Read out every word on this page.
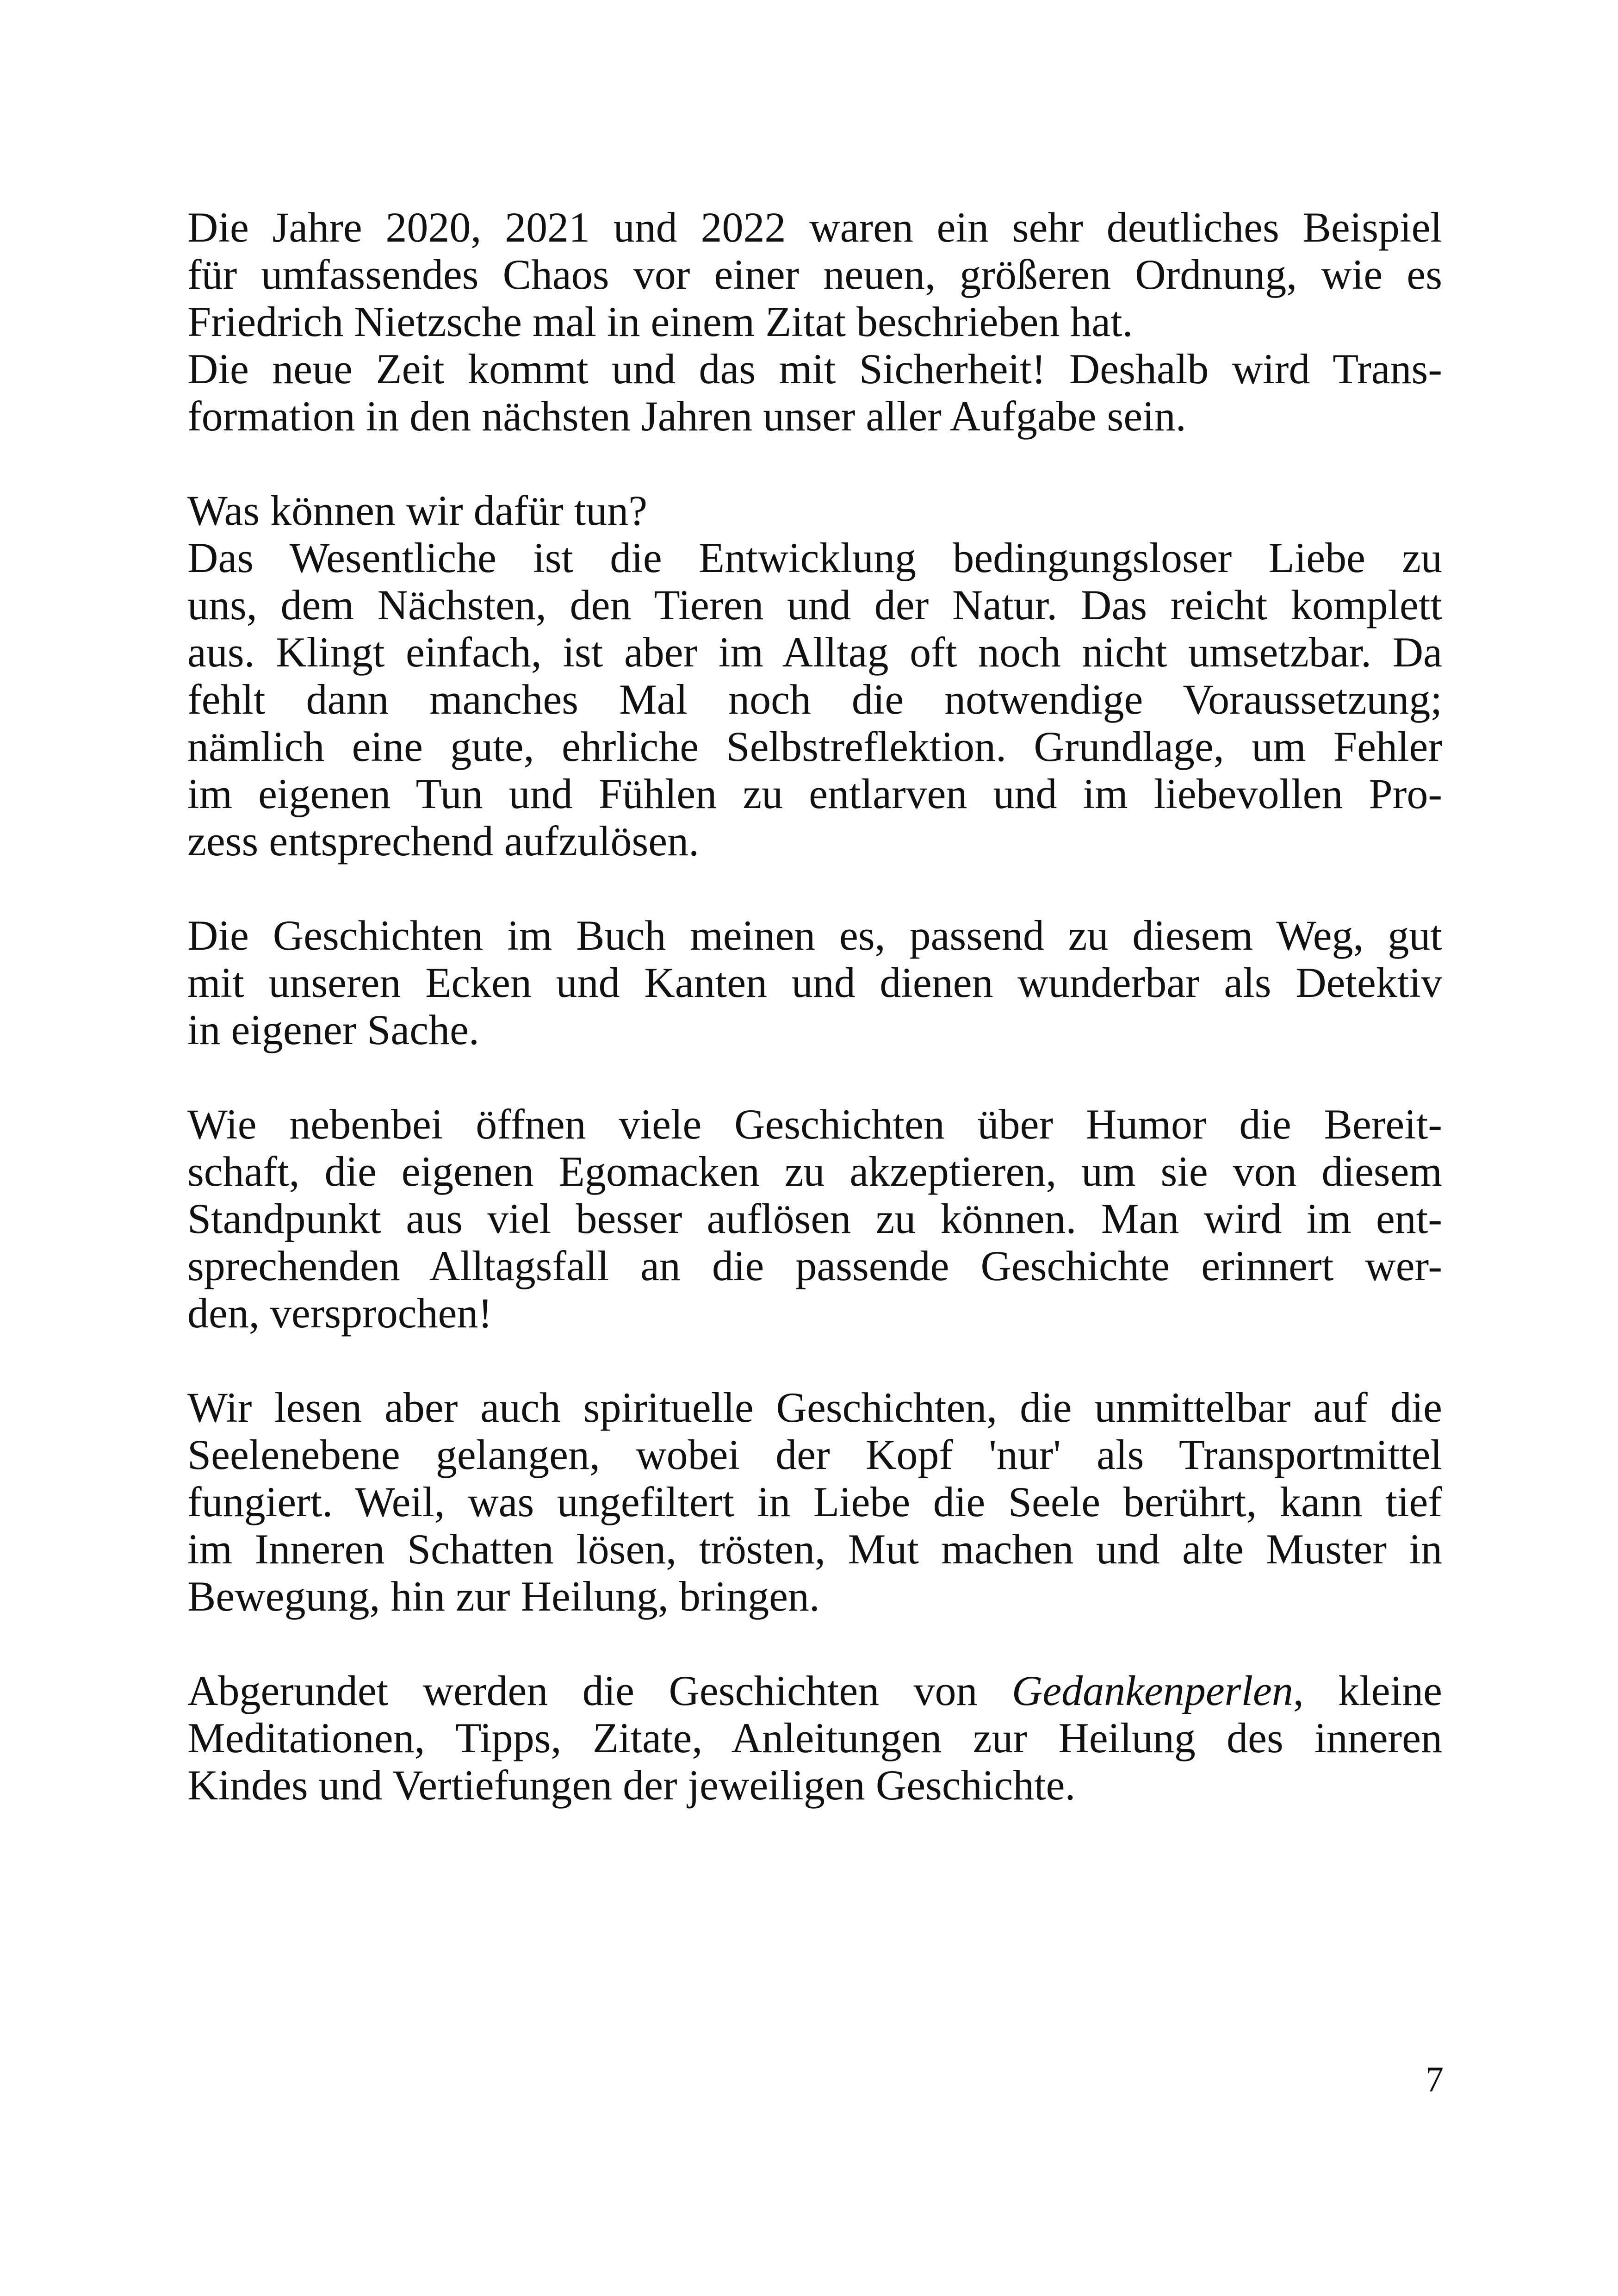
Die Jahre 2020, 2021 und 2022 waren ein sehr deutliches Beispiel
für umfassendes Chaos vor einer neuen, größeren Ordnung, wie es
Friedrich Nietzsche mal in einem Zitat beschrieben hat.
Die neue Zeit kommt und das mit Sicherheit! Deshalb wird Trans-
formation in den nächsten Jahren unser aller Aufgabe sein.
Was können wir dafür tun?
Das Wesentliche ist die Entwicklung bedingungsloser Liebe zu
uns, dem Nächsten, den Tieren und der Natur. Das reicht komplett
aus. Klingt einfach, ist aber im Alltag oft noch nicht umsetzbar. Da
fehlt dann manches Mal noch die notwendige Voraussetzung;
nämlich eine gute, ehrliche Selbstreflektion. Grundlage, um Fehler
im eigenen Tun und Fühlen zu entlarven und im liebevollen Pro-
zess entsprechend aufzulösen.
Die Geschichten im Buch meinen es, passend zu diesem Weg, gut
mit unseren Ecken und Kanten und dienen wunderbar als Detektiv
in eigener Sache.
Wie nebenbei öffnen viele Geschichten über Humor die Bereit-
schaft, die eigenen Egomacken zu akzeptieren, um sie von diesem
Standpunkt aus viel besser auflösen zu können. Man wird im ent-
sprechenden Alltagsfall an die passende Geschichte erinnert wer-
den, versprochen!
Wir lesen aber auch spirituelle Geschichten, die unmittelbar auf die
Seelenebene gelangen, wobei der Kopf 'nur' als Transportmittel
fungiert. Weil, was ungefiltert in Liebe die Seele berührt, kann tief
im Inneren Schatten lösen, trösten, Mut machen und alte Muster in
Bewegung, hin zur Heilung, bringen.
Abgerundet werden die Geschichten von Gedankenperlen, kleine
Meditationen, Tipps, Zitate, Anleitungen zur Heilung des inneren
Kindes und Vertiefungen der jeweiligen Geschichte.
7
